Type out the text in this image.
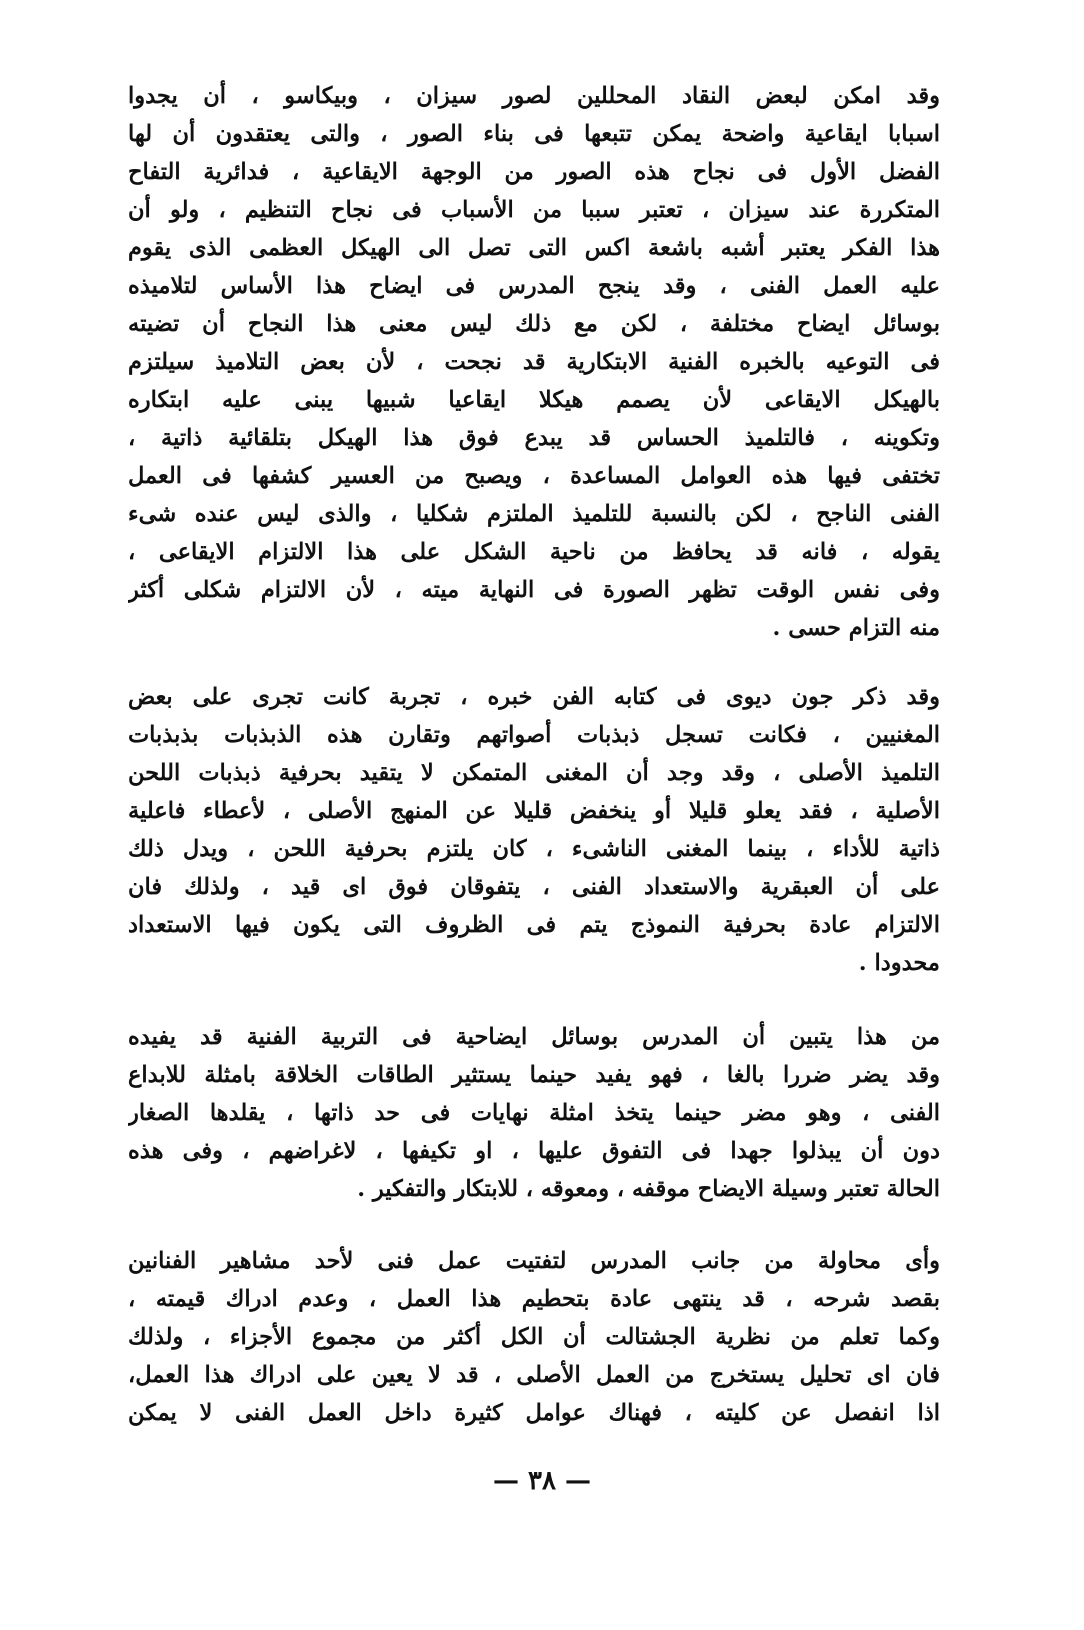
وقد امكن لبعض النقاد المحللين لصور سيزان ، وبيكاسو ، أن يجدوا
اسبابا ايقاعية واضحة يمكن تتبعها فى بناء الصور ، والتى يعتقدون أن لها
الفضل الأول فى نجاح هذه الصور من الوجهة الايقاعية ، فدائرية التفاح
المتكررة عند سيزان ، تعتبر سببا من الأسباب فى نجاح التنظيم ، ولو أن
هذا الفكر يعتبر أشبه باشعة اكس التى تصل الى الهيكل العظمى الذى يقوم
عليه العمل الفنى ، وقد ينجح المدرس فى ايضاح هذا الأساس لتلاميذه
بوسائل ايضاح مختلفة ، لكن مع ذلك ليس معنى هذا النجاح أن تضيته
فى التوعيه بالخبره الفنية الابتكارية قد نجحت ، لأن بعض التلاميذ سيلتزم
بالهيكل الايقاعى لأن يصمم هيكلا ايقاعيا شبيها يبنى عليه ابتكاره
وتكوينه ، فالتلميذ الحساس قد يبدع فوق هذا الهيكل بتلقائية ذاتية ،
تختفى فيها هذه العوامل المساعدة ، ويصبح من العسير كشفها فى العمل
الفنى الناجح ، لكن بالنسبة للتلميذ الملتزم شكليا ، والذى ليس عنده شىء
يقوله ، فانه قد يحافظ من ناحية الشكل على هذا الالتزام الايقاعى ،
وفى نفس الوقت تظهر الصورة فى النهاية ميته ، لأن الالتزام شكلى أكثر
منه التزام حسى .
وقد ذكر جون ديوى فى كتابه الفن خبره ، تجربة كانت تجرى على بعض
المغنيين ، فكانت تسجل ذبذبات أصواتهم وتقارن هذه الذبذبات بذبذبات
التلميذ الأصلى ، وقد وجد أن المغنى المتمكن لا يتقيد بحرفية ذبذبات اللحن
الأصلية ، فقد يعلو قليلا أو ينخفض قليلا عن المنهج الأصلى ، لأعطاء فاعلية
ذاتية للأداء ، بينما المغنى الناشىء ، كان يلتزم بحرفية اللحن ، ويدل ذلك
على أن العبقرية والاستعداد الفنى ، يتفوقان فوق اى قيد ، ولذلك فان
الالتزام عادة بحرفية النموذج يتم فى الظروف التى يكون فيها الاستعداد
محدودا .
من هذا يتبين أن المدرس بوسائل ايضاحية فى التربية الفنية قد يفيده
وقد يضر ضررا بالغا ، فهو يفيد حينما يستثير الطاقات الخلاقة بامثلة للابداع
الفنى ، وهو مضر حينما يتخذ امثلة نهايات فى حد ذاتها ، يقلدها الصغار
دون أن يبذلوا جهدا فى التفوق عليها ، او تكيفها ، لاغراضهم ، وفى هذه
الحالة تعتبر وسيلة الايضاح موقفه ، ومعوقه ، للابتكار والتفكير .
وأى محاولة من جانب المدرس لتفتيت عمل فنى لأحد مشاهير الفنانين
بقصد شرحه ، قد ينتهى عادة بتحطيم هذا العمل ، وعدم ادراك قيمته ،
وكما تعلم من نظرية الجشتالت أن الكل أكثر من مجموع الأجزاء ، ولذلك
فان اى تحليل يستخرج من العمل الأصلى ، قد لا يعين على ادراك هذا العمل،
اذا انفصل عن كليته ، فهناك عوامل كثيرة داخل العمل الفنى لا يمكن
— ٣٨ —
